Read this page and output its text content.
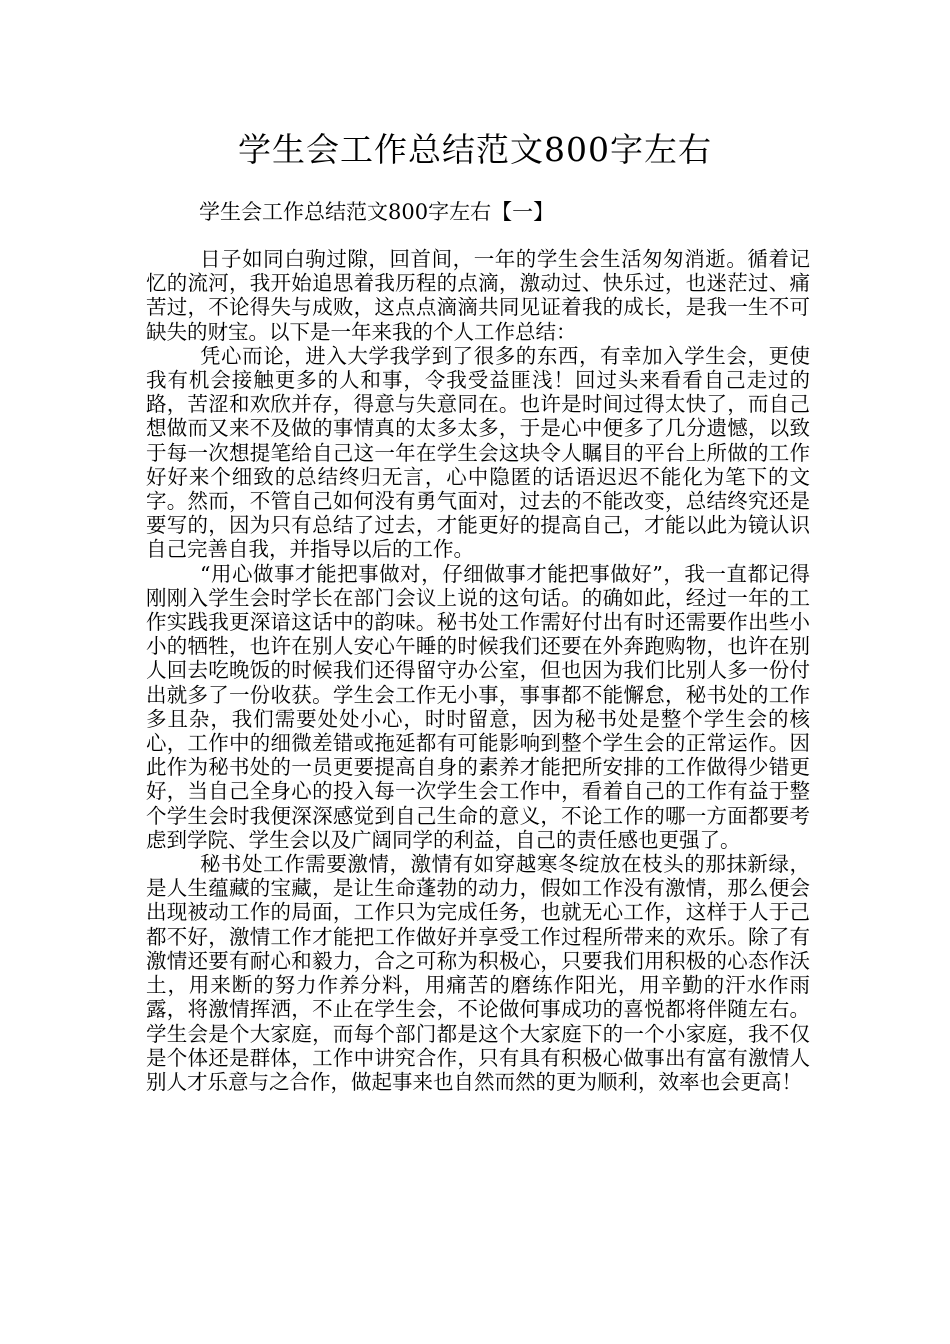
学生会工作总结范文800字左右

学生会工作总结范文800字左右【一】

日子如同白驹过隙，回首间，一年的学生会生活匆匆消逝。循着记忆的流河，我开始追思着我历程的点滴，激动过、快乐过，也迷茫过、痛苦过，不论得失与成败，这点点滴滴共同见证着我的成长，是我一生不可缺失的财宝。以下是一年来我的个人工作总结：

凭心而论，进入大学我学到了很多的东西，有幸加入学生会，更使我有机会接触更多的人和事，令我受益匪浅！回过头来看看自己走过的路，苦涩和欢欣并存，得意与失意同在。也许是时间过得太快了，而自己想做而又来不及做的事情真的太多太多，于是心中便多了几分遗憾，以致于每一次想提笔给自己这一年在学生会这块令人瞩目的平台上所做的工作好好来个细致的总结终归无言，心中隐匿的话语迟迟不能化为笔下的文字。然而，不管自己如何没有勇气面对，过去的不能改变，总结终究还是要写的，因为只有总结了过去，才能更好的提高自己，才能以此为镜认识自己完善自我，并指导以后的工作。

“用心做事才能把事做对，仔细做事才能把事做好”，我一直都记得刚刚入学生会时学长在部门会议上说的这句话。的确如此，经过一年的工作实践我更深谙这话中的韵味。秘书处工作需好付出有时还需要作出些小小的牺牲，也许在别人安心午睡的时候我们还要在外奔跑购物，也许在别人回去吃晚饭的时候我们还得留守办公室，但也因为我们比别人多一份付出就多了一份收获。学生会工作无小事，事事都不能懈怠，秘书处的工作多且杂，我们需要处处小心，时时留意，因为秘书处是整个学生会的核心，工作中的细微差错或拖延都有可能影响到整个学生会的正常运作。因此作为秘书处的一员更要提高自身的素养才能把所安排的工作做得少错更好，当自己全身心的投入每一次学生会工作中，看着自己的工作有益于整个学生会时我便深深感觉到自己生命的意义，不论工作的哪一方面都要考虑到学院、学生会以及广阔同学的利益，自己的责任感也更强了。

秘书处工作需要激情，激情有如穿越寒冬绽放在枝头的那抹新绿，是人生蕴藏的宝藏，是让生命蓬勃的动力，假如工作没有激情，那么便会出现被动工作的局面，工作只为完成任务，也就无心工作，这样于人于己都不好，激情工作才能把工作做好并享受工作过程所带来的欢乐。除了有激情还要有耐心和毅力，合之可称为积极心，只要我们用积极的心态作沃土，用来断的努力作养分料，用痛苦的磨练作阳光，用辛勤的汗水作雨露，将激情挥洒，不止在学生会，不论做何事成功的喜悦都将伴随左右。学生会是个大家庭，而每个部门都是这个大家庭下的一个小家庭，我不仅是个体还是群体，工作中讲究合作，只有具有积极心做事出有富有激情人别人才乐意与之合作，做起事来也自然而然的更为顺利，效率也会更高！
